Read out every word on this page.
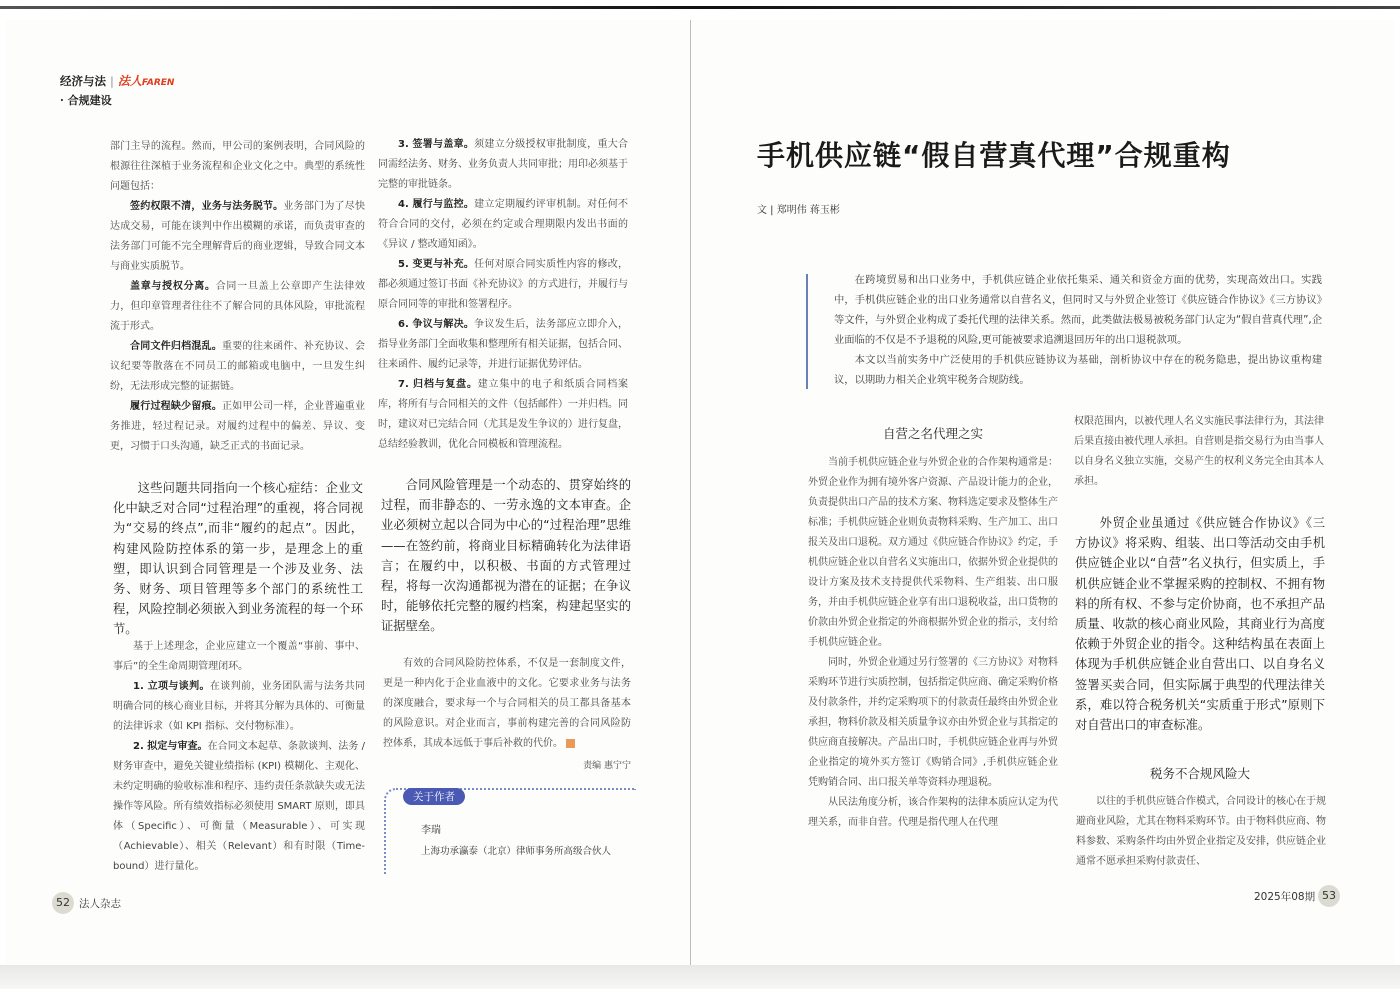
经济与法 | 法人FAREN
· 合规建设

部门主导的流程。然而，甲公司的案例表明，合同风险的根源往往深植于业务流程和企业文化之中。典型的系统性问题包括：

签约权限不清，业务与法务脱节。业务部门为了尽快达成交易，可能在谈判中作出模糊的承诺，而负责审查的法务部门可能不完全理解背后的商业逻辑，导致合同文本与商业实质脱节。

盖章与授权分离。合同一旦盖上公章即产生法律效力，但印章管理者往往不了解合同的具体风险，审批流程流于形式。

合同文件归档混乱。重要的往来函件、补充协议、会议纪要等散落在不同员工的邮箱或电脑中，一旦发生纠纷，无法形成完整的证据链。

履行过程缺少留痕。正如甲公司一样，企业普遍重业务推进，轻过程记录。对履约过程中的偏差、异议、变更，习惯于口头沟通，缺乏正式的书面记录。

这些问题共同指向一个核心症结：企业文化中缺乏对合同“过程治理”的重视，将合同视为“交易的终点”,而非“履约的起点”。因此，构建风险防控体系的第一步，是理念上的重塑，即认识到合同管理是一个涉及业务、法务、财务、项目管理等多个部门的系统性工程，风险控制必须嵌入到业务流程的每一个环节。

基于上述理念，企业应建立一个覆盖“事前、事中、事后”的全生命周期管理闭环。

1. 立项与谈判。在谈判前，业务团队需与法务共同明确合同的核心商业目标，并将其分解为具体的、可衡量的法律诉求（如 KPI 指标、交付物标准）。

2. 拟定与审查。在合同文本起草、条款谈判、法务 / 财务审查中，避免关键业绩指标 (KPI) 模糊化、主观化、未约定明确的验收标准和程序、违约责任条款缺失或无法操作等风险。所有绩效指标必须使用 SMART 原则，即具体（Specific）、可衡量（Measurable）、可实现（Achievable）、相关（Relevant）和有时限（Time-bound）进行量化。

3. 签署与盖章。须建立分级授权审批制度，重大合同需经法务、财务、业务负责人共同审批；用印必须基于完整的审批链条。

4. 履行与监控。建立定期履约评审机制。对任何不符合合同的交付，必须在约定或合理期限内发出书面的《异议 / 整改通知函》。

5. 变更与补充。任何对原合同实质性内容的修改，都必须通过签订书面《补充协议》的方式进行，并履行与原合同同等的审批和签署程序。

6. 争议与解决。争议发生后，法务部应立即介入，指导业务部门全面收集和整理所有相关证据，包括合同、往来函件、履约记录等，并进行证据优势评估。

7. 归档与复盘。建立集中的电子和纸质合同档案库，将所有与合同相关的文件（包括邮件）一并归档。同时，建议对已完结合同（尤其是发生争议的）进行复盘，总结经验教训，优化合同模板和管理流程。

合同风险管理是一个动态的、贯穿始终的过程，而非静态的、一劳永逸的文本审查。企业必须树立起以合同为中心的“过程治理”思维——在签约前，将商业目标精确转化为法律语言；在履约中，以积极、书面的方式管理过程，将每一次沟通都视为潜在的证据；在争议时，能够依托完整的履约档案，构建起坚实的证据壁垒。

有效的合同风险防控体系，不仅是一套制度文件，更是一种内化于企业血液中的文化。它要求业务与法务的深度融合，要求每一个与合同相关的员工都具备基本的风险意识。对企业而言，事前构建完善的合同风险防控体系，其成本远低于事后补救的代价。

责编 惠宁宁
关于作者
李瑞
上海功承瀛泰（北京）律师事务所高级合伙人
52 法人杂志
手机供应链“假自营真代理”合规重构
文 | 郑明伟 蒋玉彬

在跨境贸易和出口业务中，手机供应链企业依托集采、通关和资金方面的优势，实现高效出口。实践中，手机供应链企业的出口业务通常以自营名义，但同时又与外贸企业签订《供应链合作协议》《三方协议》等文件，与外贸企业构成了委托代理的法律关系。然而，此类做法极易被税务部门认定为“假自营真代理”,企业面临的不仅是不予退税的风险,更可能被要求追溯退回历年的出口退税款项。

本文以当前实务中广泛使用的手机供应链协议为基础，剖析协议中存在的税务隐患，提出协议重构建议，以期助力相关企业筑牢税务合规防线。

自营之名代理之实

当前手机供应链企业与外贸企业的合作架构通常是：外贸企业作为拥有境外客户资源、产品设计能力的企业，负责提供出口产品的技术方案、物料选定要求及整体生产标准；手机供应链企业则负责物料采购、生产加工、出口报关及出口退税。双方通过《供应链合作协议》约定，手机供应链企业以自营名义实施出口，依据外贸企业提供的设计方案及技术支持提供代采物料、生产组装、出口服务，并由手机供应链企业享有出口退税收益，出口货物的价款由外贸企业指定的外商根据外贸企业的指示，支付给手机供应链企业。

同时，外贸企业通过另行签署的《三方协议》对物料采购环节进行实质控制，包括指定供应商、确定采购价格及付款条件，并约定采购项下的付款责任最终由外贸企业承担，物料价款及相关质量争议亦由外贸企业与其指定的供应商直接解决。产品出口时，手机供应链企业再与外贸企业指定的境外买方签订《购销合同》,手机供应链企业凭购销合同、出口报关单等资料办理退税。

从民法角度分析，该合作架构的法律本质应认定为代理关系，而非自营。代理是指代理人在代理

权限范围内，以被代理人名义实施民事法律行为，其法律后果直接由被代理人承担。自营则是指交易行为由当事人以自身名义独立实施，交易产生的权利义务完全由其本人承担。

外贸企业虽通过《供应链合作协议》《三方协议》将采购、组装、出口等活动交由手机供应链企业以“自营”名义执行，但实质上，手机供应链企业不掌握采购的控制权、不拥有物料的所有权、不参与定价协商，也不承担产品质量、收款的核心商业风险，其商业行为高度依赖于外贸企业的指令。这种结构虽在表面上体现为手机供应链企业自营出口、以自身名义签署买卖合同，但实际属于典型的代理法律关系，难以符合税务机关“实质重于形式”原则下对自营出口的审查标准。

税务不合规风险大

以往的手机供应链合作模式，合同设计的核心在于规避商业风险，尤其在物料采购环节。由于物料供应商、物料参数、采购条件均由外贸企业指定及安排，供应链企业通常不愿承担采购付款责任、

2025年08期 53
